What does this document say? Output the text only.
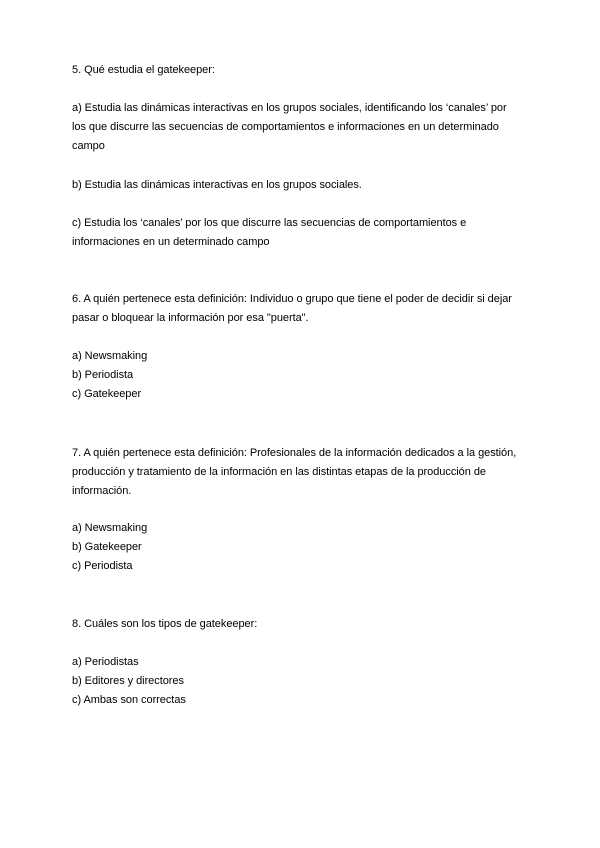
5. Qué estudia el gatekeeper:
a) Estudia las dinámicas interactivas en los grupos sociales, identificando los ‘canales’ por
los que discurre las secuencias de comportamientos e informaciones en un determinado
campo
b) Estudia las dinámicas interactivas en los grupos sociales.
c) Estudia los ‘canales’ por los que discurre las secuencias de comportamientos e
informaciones en un determinado campo
6. A quién pertenece esta definición: Individuo o grupo que tiene el poder de decidir si dejar
pasar o bloquear la información por esa "puerta".
a) Newsmaking
b) Periodista
c) Gatekeeper
7. A quién pertenece esta definición: Profesionales de la información dedicados a la gestión,
producción y tratamiento de la información en las distintas etapas de la producción de
información.
a) Newsmaking
b) Gatekeeper
c) Periodista
8. Cuáles son los tipos de gatekeeper:
a) Periodistas
b) Editores y directores
c) Ambas son correctas
